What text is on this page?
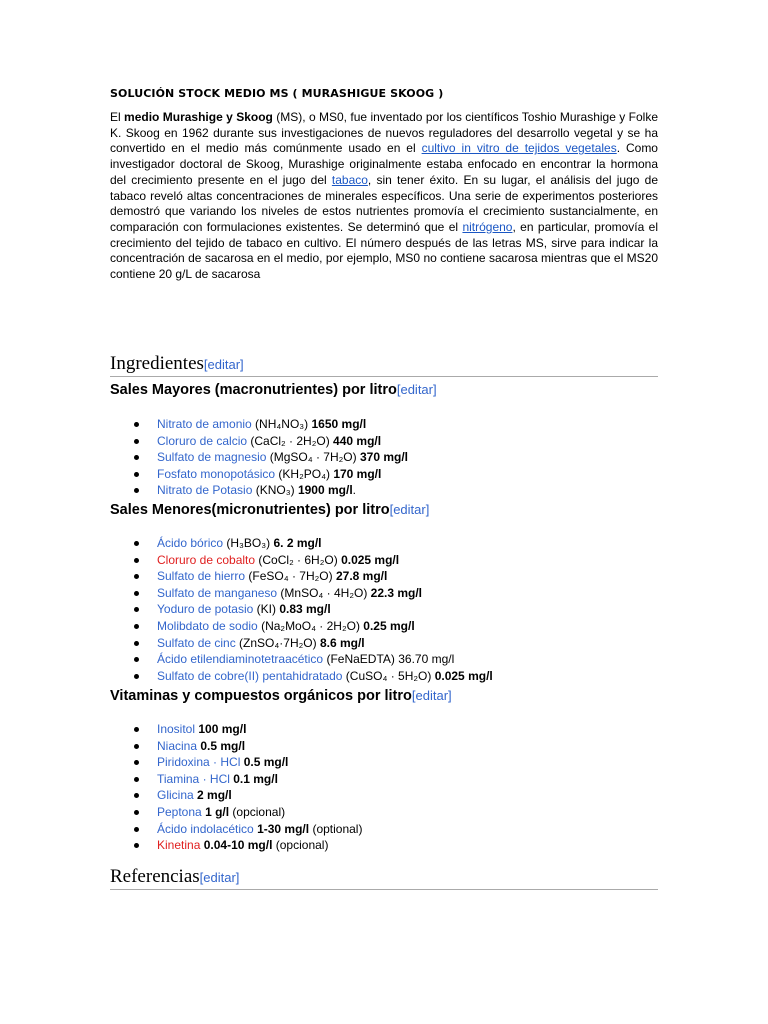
SOLUCIÓN STOCK MEDIO MS ( MURASHIGUE SKOOG )

El medio Murashige y Skoog (MS), o MS0, fue inventado por los científicos Toshio Murashige y Folke K. Skoog en 1962 durante sus investigaciones de nuevos reguladores del desarrollo vegetal y se ha convertido en el medio más comúnmente usado en el cultivo in vitro de tejidos vegetales. Como investigador doctoral de Skoog, Murashige originalmente estaba enfocado en encontrar la hormona del crecimiento presente en el jugo del tabaco, sin tener éxito. En su lugar, el análisis del jugo de tabaco reveló altas concentraciones de minerales específicos. Una serie de experimentos posteriores demostró que variando los niveles de estos nutrientes promovía el crecimiento sustancialmente, en comparación con formulaciones existentes. Se determinó que el nitrógeno, en particular, promovía el crecimiento del tejido de tabaco en cultivo. El número después de las letras MS, sirve para indicar la concentración de sacarosa en el medio, por ejemplo, MS0 no contiene sacarosa mientras que el MS20 contiene 20 g/L de sacarosa

Ingredientes[editar]
Sales Mayores (macronutrientes) por litro[editar]
Nitrato de amonio (NH₄NO₃) 1650 mg/l
Cloruro de calcio (CaCl₂ · 2H₂O) 440 mg/l
Sulfato de magnesio (MgSO₄ · 7H₂O) 370 mg/l
Fosfato monopotásico (KH₂PO₄) 170 mg/l
Nitrato de Potasio (KNO₃) 1900 mg/l.
Sales Menores(micronutrientes) por litro[editar]
Ácido bórico (H₃BO₃) 6. 2 mg/l
Cloruro de cobalto (CoCl₂ · 6H₂O) 0.025 mg/l
Sulfato de hierro (FeSO₄ · 7H₂O) 27.8 mg/l
Sulfato de manganeso (MnSO₄ · 4H₂O) 22.3 mg/l
Yoduro de potasio (KI) 0.83 mg/l
Molibdato de sodio (Na₂MoO₄ · 2H₂O) 0.25 mg/l
Sulfato de cinc (ZnSO₄·7H₂O) 8.6 mg/l
Ácido etilendiaminotetraacético (FeNaEDTA) 36.70 mg/l
Sulfato de cobre(II) pentahidratado (CuSO₄ · 5H₂O) 0.025 mg/l
Vitaminas y compuestos orgánicos por litro[editar]
Inositol 100 mg/l
Niacina 0.5 mg/l
Piridoxina · HCl 0.5 mg/l
Tiamina · HCl 0.1 mg/l
Glicina 2 mg/l
Peptona 1 g/l (opcional)
Ácido indolacético 1-30 mg/l (optional)
Kinetina 0.04-10 mg/l (opcional)
Referencias[editar]
